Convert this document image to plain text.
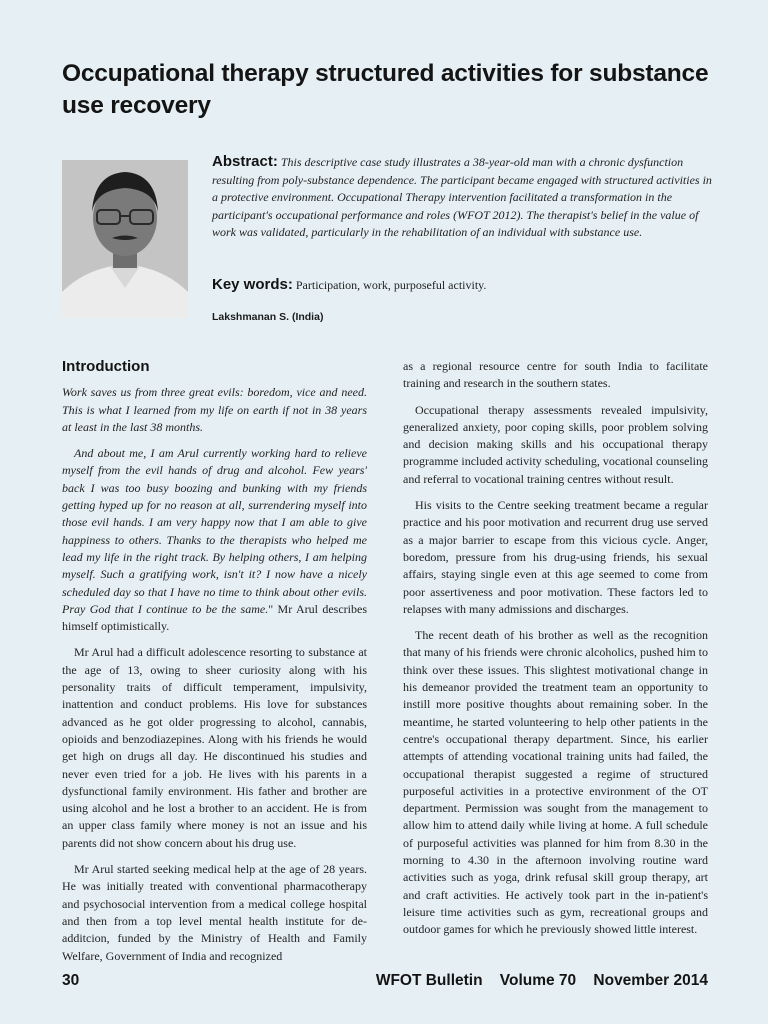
Occupational therapy structured activities for substance use recovery
Abstract: This descriptive case study illustrates a 38-year-old man with a chronic dysfunction resulting from poly-substance dependence. The participant became engaged with structured activities in a protective environment. Occupational Therapy intervention facilitated a transformation in the participant's occupational performance and roles (WFOT 2012). The therapist's belief in the value of work was validated, particularly in the rehabilitation of an individual with substance use.
Key words: Participation, work, purposeful activity.
Lakshmanan S. (India)
Introduction

Work saves us from three great evils: boredom, vice and need. This is what I learned from my life on earth if not in 38 years at least in the last 38 months.

And about me, I am Arul currently working hard to relieve myself from the evil hands of drug and alcohol. Few years' back I was too busy boozing and bunking with my friends getting hyped up for no reason at all, surrendering myself into those evil hands. I am very happy now that I am able to give happiness to others. Thanks to the therapists who helped me lead my life in the right track. By helping others, I am helping myself. Such a gratifying work, isn't it? I now have a nicely scheduled day so that I have no time to think about other evils. Pray God that I continue to be the same." Mr Arul describes himself optimistically.

Mr Arul had a difficult adolescence resorting to substance at the age of 13, owing to sheer curiosity along with his personality traits of difficult temperament, impulsivity, inattention and conduct problems. His love for substances advanced as he got older progressing to alcohol, cannabis, opioids and benzodiazepines. Along with his friends he would get high on drugs all day. He discontinued his studies and never even tried for a job. He lives with his parents in a dysfunctional family environment. His father and brother are using alcohol and he lost a brother to an accident. He is from an upper class family where money is not an issue and his parents did not show concern about his drug use.

Mr Arul started seeking medical help at the age of 28 years. He was initially treated with conventional pharmacotherapy and psychosocial intervention from a medical college hospital and then from a top level mental health institute for de-additcion, funded by the Ministry of Health and Family Welfare, Government of India and recognized

as a regional resource centre for south India to facilitate training and research in the southern states.

Occupational therapy assessments revealed impulsivity, generalized anxiety, poor coping skills, poor problem solving and decision making skills and his occupational therapy programme included activity scheduling, vocational counseling and referral to vocational training centres without result.

His visits to the Centre seeking treatment became a regular practice and his poor motivation and recurrent drug use served as a major barrier to escape from this vicious cycle. Anger, boredom, pressure from his drug-using friends, his sexual affairs, staying single even at this age seemed to come from poor assertiveness and poor motivation. These factors led to relapses with many admissions and discharges.

The recent death of his brother as well as the recognition that many of his friends were chronic alcoholics, pushed him to think over these issues. This slightest motivational change in his demeanor provided the treatment team an opportunity to instill more positive thoughts about remaining sober. In the meantime, he started volunteering to help other patients in the centre's occupational therapy department. Since, his earlier attempts of attending vocational training units had failed, the occupational therapist suggested a regime of structured purposeful activities in a protective environment of the OT department. Permission was sought from the management to allow him to attend daily while living at home. A full schedule of purposeful activities was planned for him from 8.30 in the morning to 4.30 in the afternoon involving routine ward activities such as yoga, drink refusal skill group therapy, art and craft activities. He actively took part in the in-patient's leisure time activities such as gym, recreational groups and outdoor games for which he previously showed little interest.

30	WFOT Bulletin    Volume 70    November 2014
